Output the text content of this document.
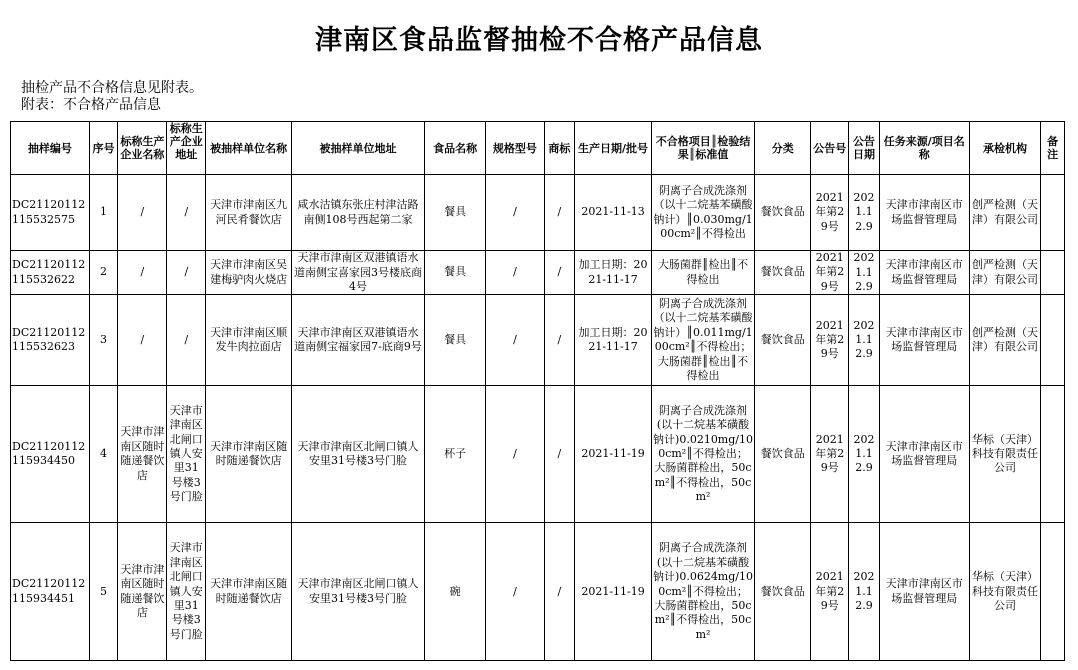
津南区食品监督抽检不合格产品信息
抽检产品不合格信息见附表。
附表：不合格产品信息
抽样编号	序号	标称生产企业名称	标称生产企业地址	被抽样单位名称	被抽样单位地址	食品名称	规格型号	商标	生产日期/批号	不合格项目║检验结果║标准值	分类	公告号	公告日期	任务来源/项目名称	承检机构	备注
DC21120112115532575	1	/	/	天津市津南区九河民肴餐饮店	咸水沽镇东张庄村津沽路南侧108号西起第二家	餐具	/	/	2021-11-13	阴离子合成洗涤剂（以十二烷基苯磺酸钠计）║0.030mg/100cm²║不得检出	餐饮食品	2021年第29号	2021.12.9	天津市津南区市场监督管理局	创严检测（天津）有限公司	
DC21120112115532622	2	/	/	天津市津南区吴建梅驴肉火烧店	天津市津南区双港镇语水道南侧宝喜家园3号楼底商4号	餐具	/	/	加工日期：2021-11-17	大肠菌群║检出║不得检出	餐饮食品	2021年第29号	2021.12.9	天津市津南区市场监督管理局	创严检测（天津）有限公司	

DC21120112115532623	3	/	/	天津市津南区顺发牛肉拉面店	天津市津南区双港镇语水道南侧宝福家园7-底商9号	餐具	/	/	加工日期：2021-11-17	阴离子合成洗涤剂（以十二烷基苯磺酸钠计）║0.011mg/100cm²║不得检出；大肠菌群║检出║不得检出	餐饮食品	2021年第29号	2021.12.9	天津市津南区市场监督管理局	创严检测（天津）有限公司	
DC21120112115934450	4	天津市津南区随时随递餐饮店	天津市津南区北闸口镇人安里31号楼3号门脸	天津市津南区随时随递餐饮店	天津市津南区北闸口镇人安里31号楼3号门脸	杯子	/	/	2021-11-19	阴离子合成洗涤剂(以十二烷基苯磺酸钠计)0.0210mg/100cm²║不得检出；大肠菌群检出，50cm²║不得检出，50cm²	餐饮食品	2021年第29号	2021.12.9	天津市津南区市场监督管理局	华标（天津）科技有限责任公司	
DC21120112115934451	5	天津市津南区随时随递餐饮店	天津市津南区北闸口镇人安里31号楼3号门脸	天津市津南区随时随递餐饮店	天津市津南区北闸口镇人安里31号楼3号门脸	碗	/	/	2021-11-19	阴离子合成洗涤剂(以十二烷基苯磺酸钠计)0.0624mg/100cm²║不得检出；大肠菌群检出，50cm²║不得检出，50cm²	餐饮食品	2021年第29号	2021.12.9	天津市津南区市场监督管理局	华标（天津）科技有限责任公司	
